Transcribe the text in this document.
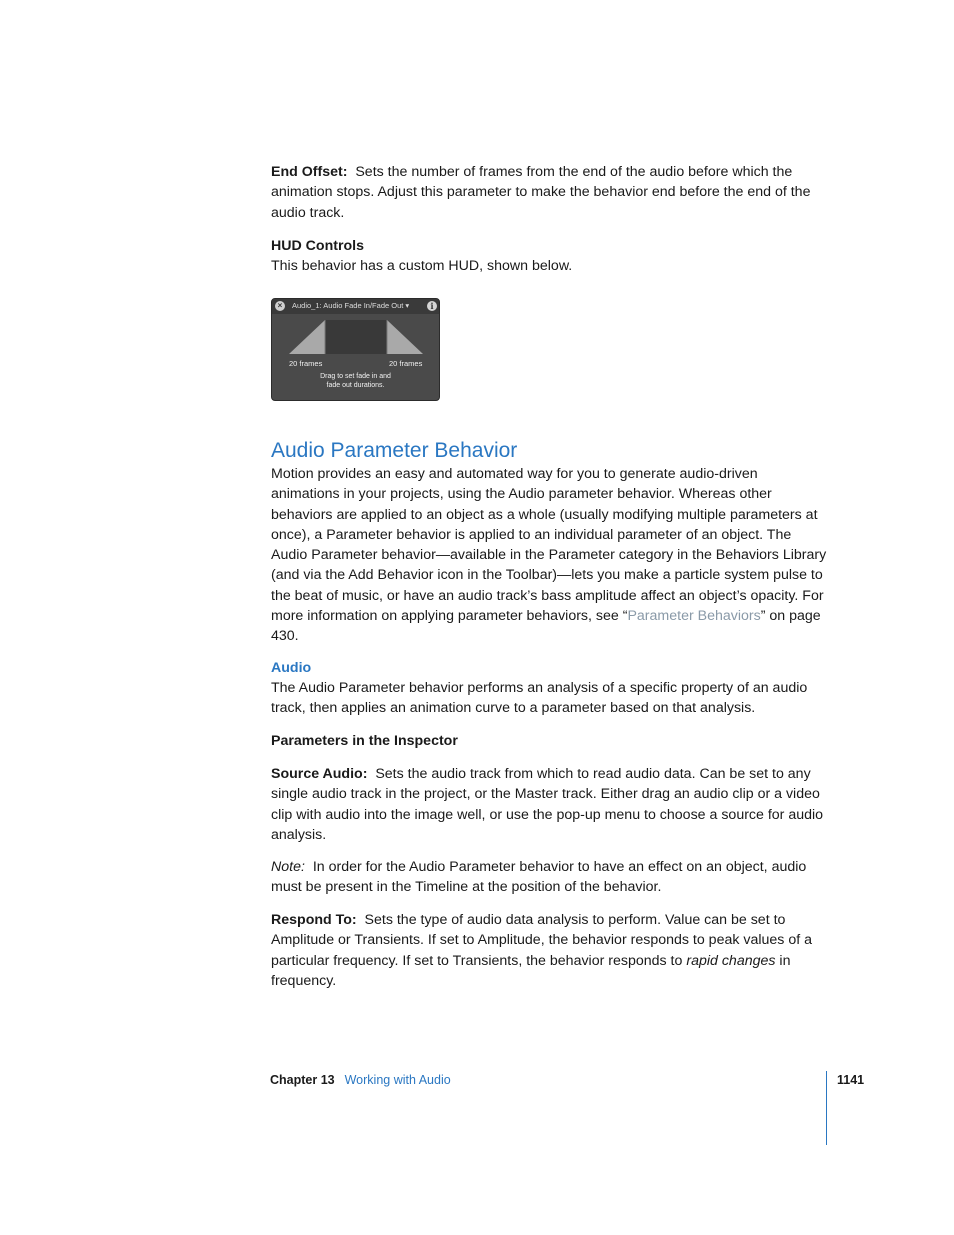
End Offset: Sets the number of frames from the end of the audio before which the animation stops. Adjust this parameter to make the behavior end before the end of the audio track.

HUD Controls

This behavior has a custom HUD, shown below.

×	Audio_1: Audio Fade In/Fade Out ▾	i
20 frames	20 frames
Drag to set fade in and
fade out durations.
Audio Parameter Behavior

Motion provides an easy and automated way for you to generate audio-driven animations in your projects, using the Audio parameter behavior. Whereas other behaviors are applied to an object as a whole (usually modifying multiple parameters at once), a Parameter behavior is applied to an individual parameter of an object. The Audio Parameter behavior—available in the Parameter category in the Behaviors Library (and via the Add Behavior icon in the Toolbar)—lets you make a particle system pulse to the beat of music, or have an audio track’s bass amplitude affect an object’s opacity. For more information on applying parameter behaviors, see “Parameter Behaviors” on page 430.

Audio

The Audio Parameter behavior performs an analysis of a specific property of an audio track, then applies an animation curve to a parameter based on that analysis.

Parameters in the Inspector

Source Audio: Sets the audio track from which to read audio data. Can be set to any single audio track in the project, or the Master track. Either drag an audio clip or a video clip with audio into the image well, or use the pop-up menu to choose a source for audio analysis.

Note: In order for the Audio Parameter behavior to have an effect on an object, audio must be present in the Timeline at the position of the behavior.

Respond To: Sets the type of audio data analysis to perform. Value can be set to Amplitude or Transients. If set to Amplitude, the behavior responds to peak values of a particular frequency. If set to Transients, the behavior responds to rapid changes in frequency.

Chapter 13 Working with Audio	1141
